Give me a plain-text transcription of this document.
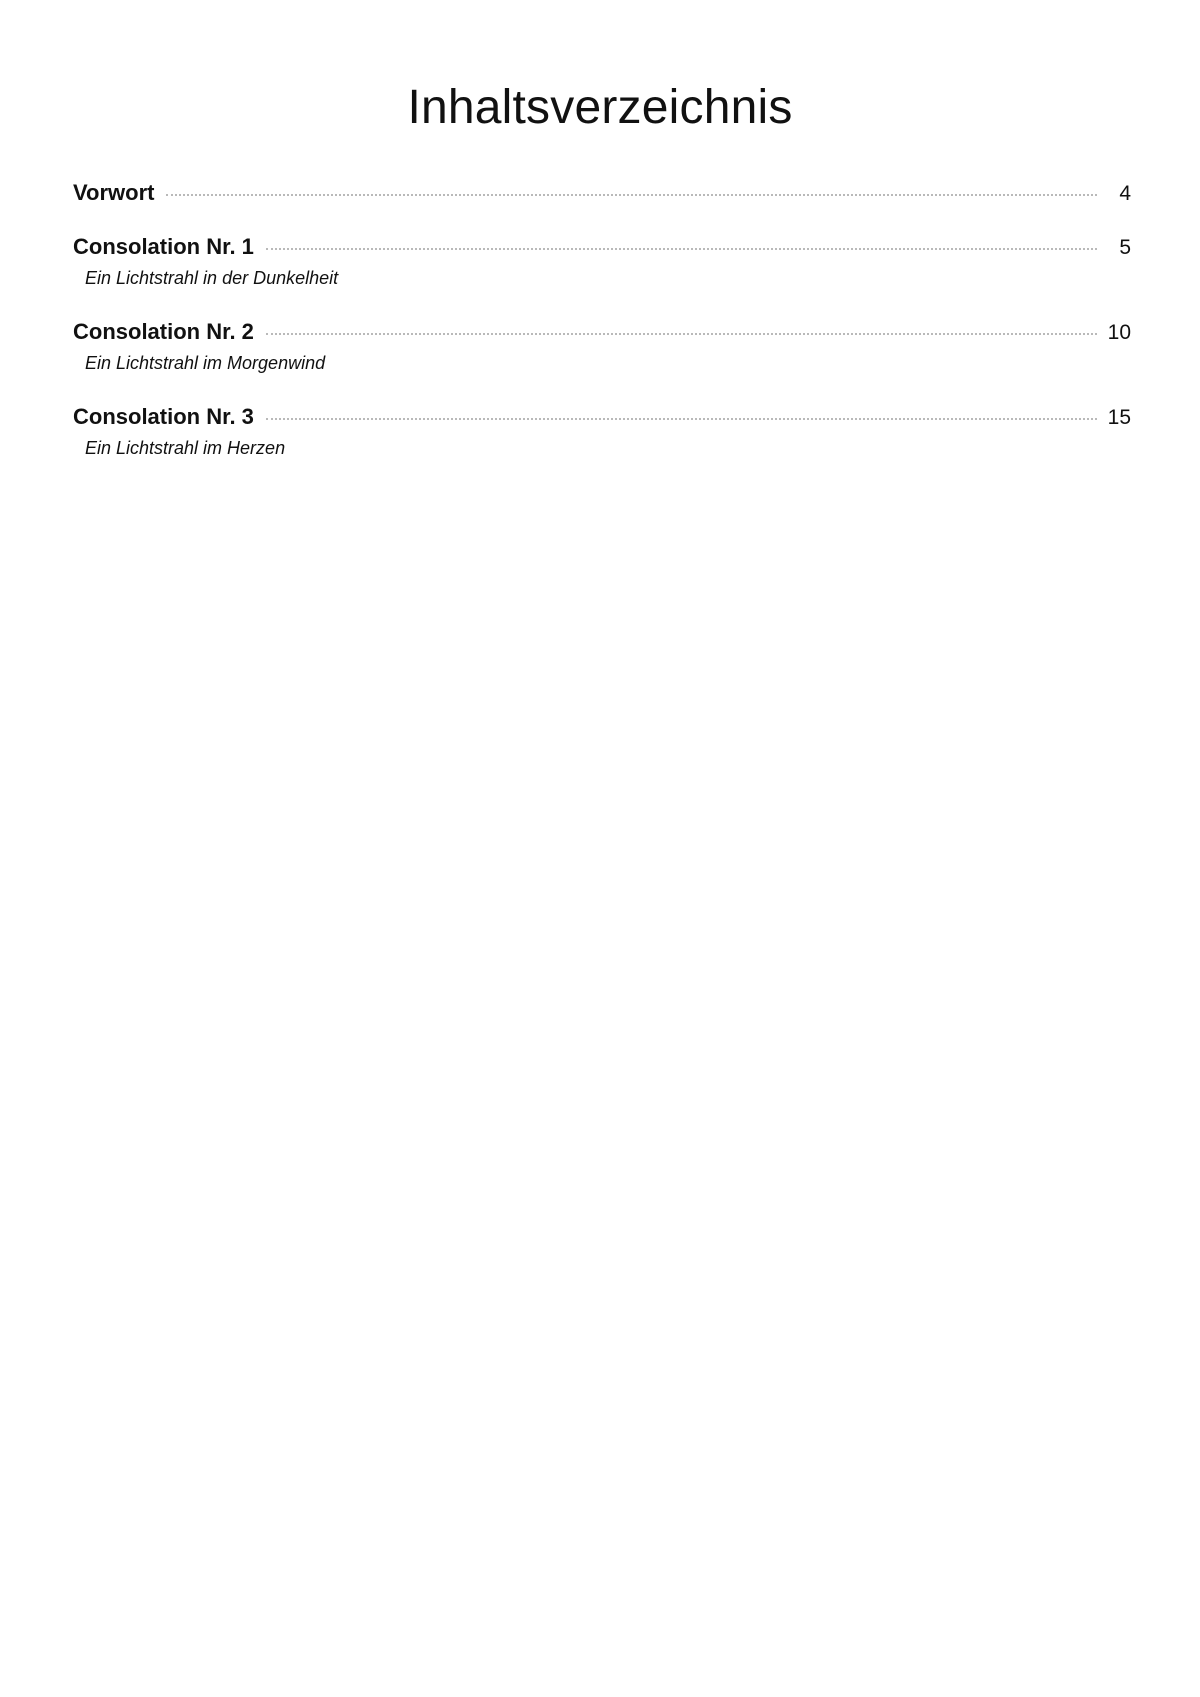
Inhaltsverzeichnis
Vorwort	4
Consolation Nr. 1	5
Ein Lichtstrahl in der Dunkelheit
Consolation Nr. 2	10
Ein Lichtstrahl im Morgenwind
Consolation Nr. 3	15
Ein Lichtstrahl im Herzen
